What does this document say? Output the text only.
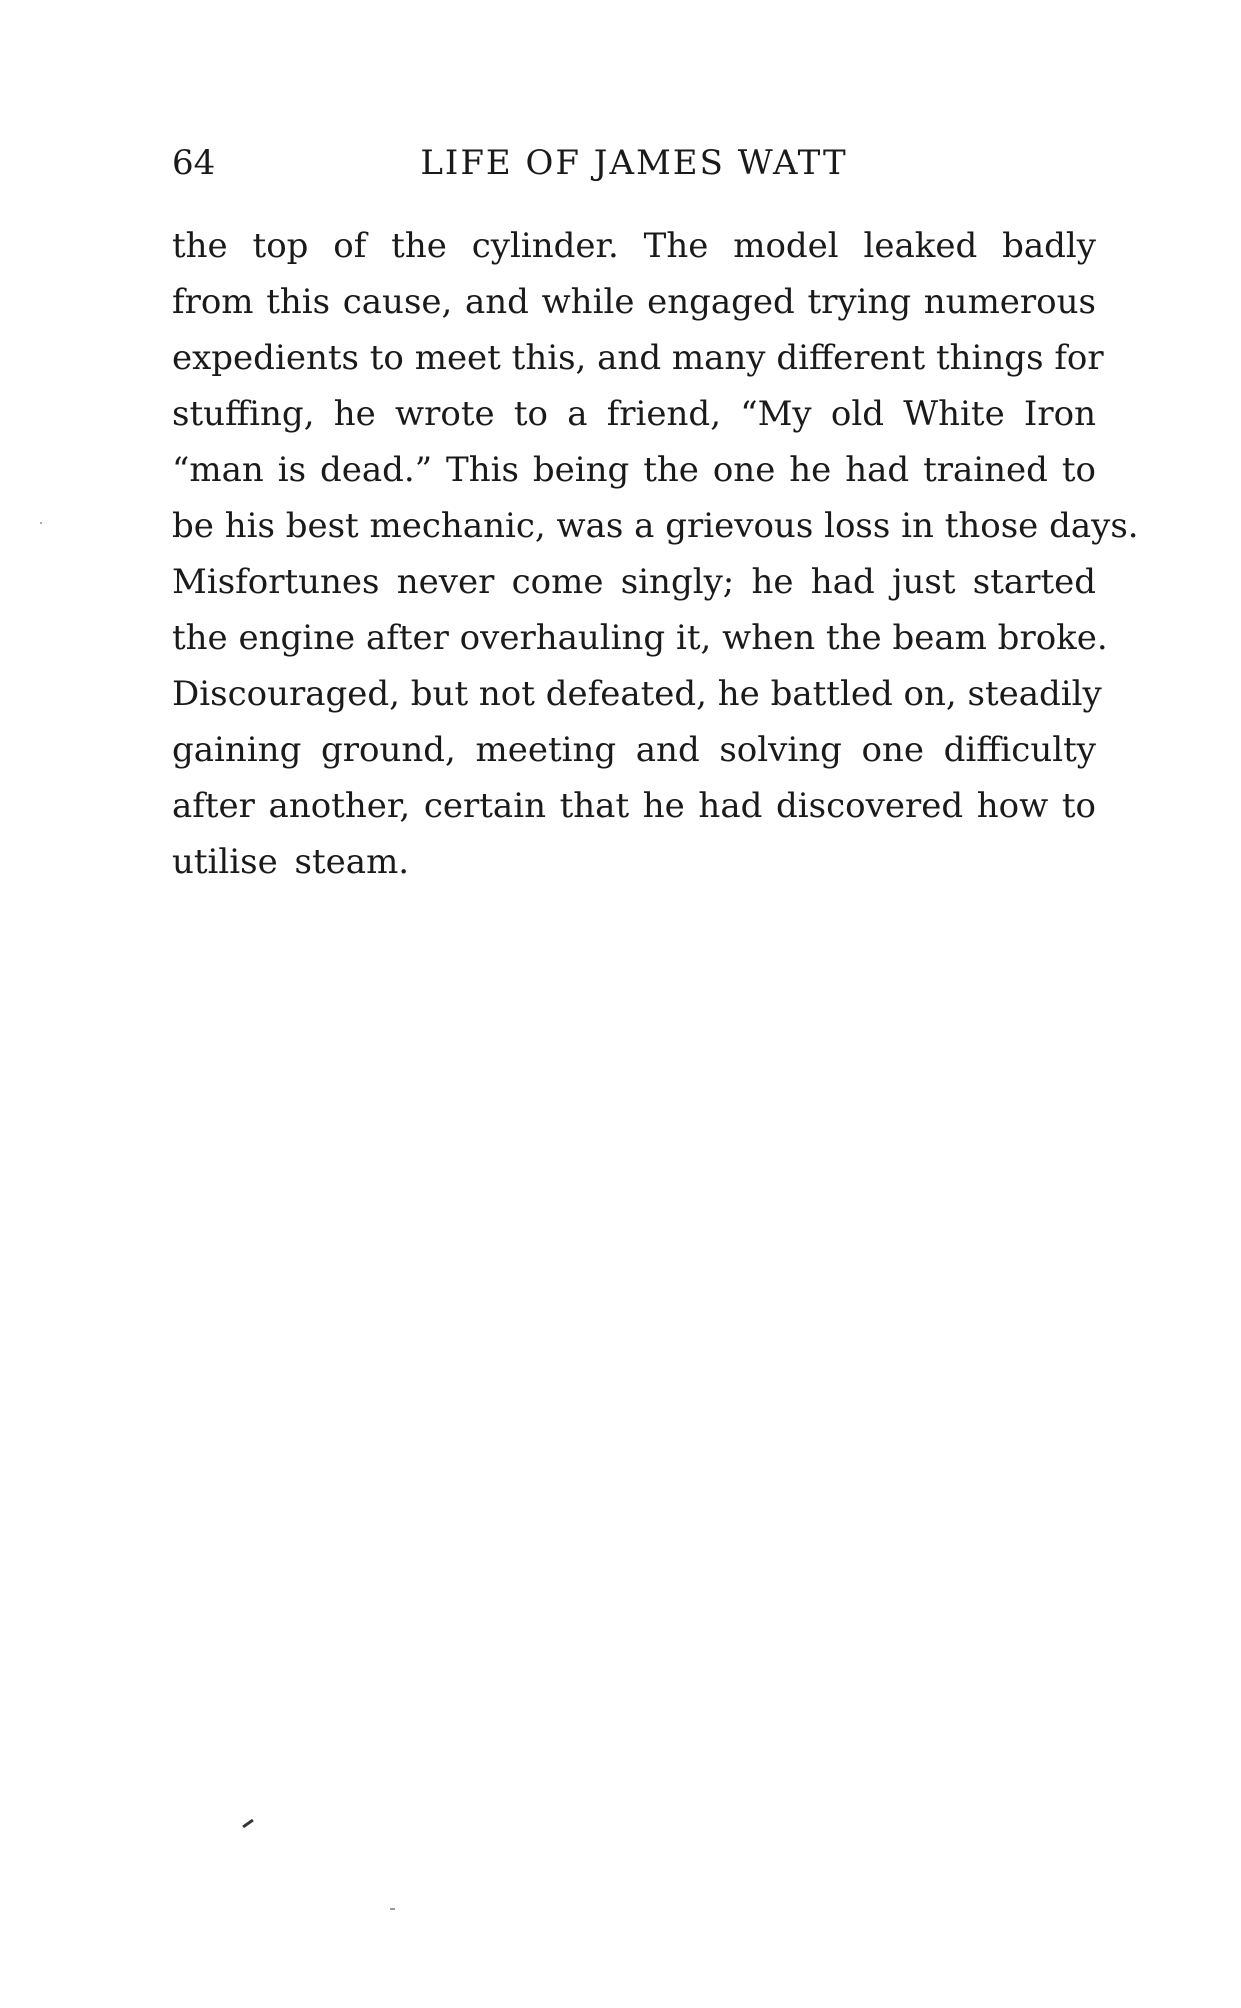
64	LIFE OF JAMES WATT
the top of the cylinder. The model leaked badly
from this cause, and while engaged trying numerous
expedients to meet this, and many different things for
stuffing, he wrote to a friend, “My old White Iron
“man is dead.” This being the one he had trained to
be his best mechanic, was a grievous loss in those days.
Misfortunes never come singly; he had just started
the engine after overhauling it, when the beam broke.
Discouraged, but not defeated, he battled on, steadily
gaining ground, meeting and solving one difficulty
after another, certain that he had discovered how to
utilise steam.
